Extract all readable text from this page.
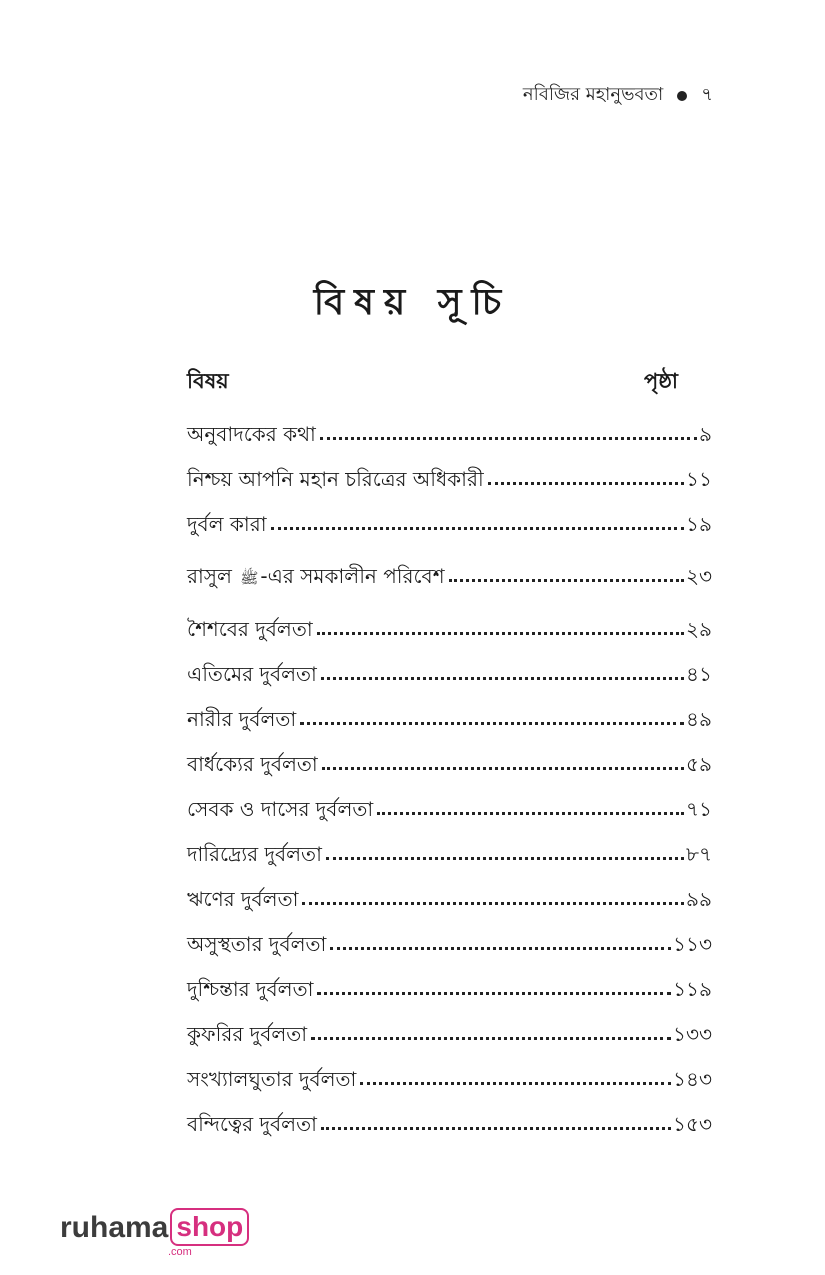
নবিজির মহানুভবতা ৭
বিষয় সূচি
বিষয়	পৃষ্ঠা
অনুবাদকের কথা	৯
নিশ্চয় আপনি মহান চরিত্রের অধিকারী	১১
দুর্বল কারা	১৯
রাসুল ﷺ -এর সমকালীন পরিবেশ	২৩
শৈশবের দুর্বলতা	২৯
এতিমের দুর্বলতা	৪১
নারীর দুর্বলতা	৪৯
বার্ধক্যের দুর্বলতা	৫৯
সেবক ও দাসের দুর্বলতা	৭১
দারিদ্র্যের দুর্বলতা	৮৭
ঋণের দুর্বলতা	৯৯
অসুস্থতার দুর্বলতা	১১৩
দুশ্চিন্তার দুর্বলতা	১১৯
কুফরির দুর্বলতা	১৩৩
সংখ্যালঘুতার দুর্বলতা	১৪৩
বন্দিত্বের দুর্বলতা	১৫৩
ruhama shop
.com
